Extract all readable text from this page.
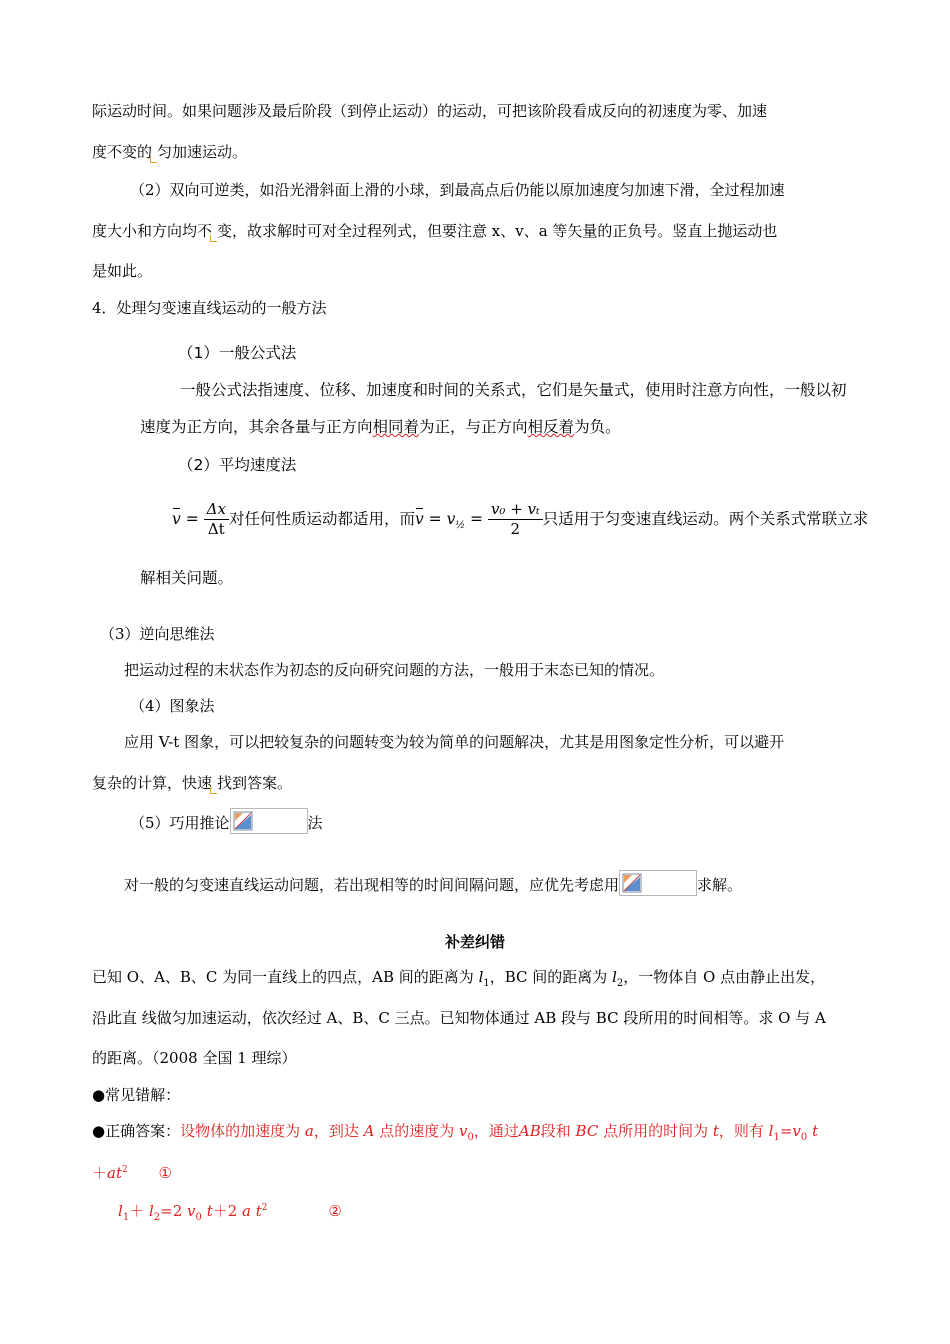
际运动时间。如果问题涉及最后阶段（到停止运动）的运动，可把该阶段看成反向的初速度为零、加速
度不变的 匀加速运动。
（2）双向可逆类，如沿光滑斜面上滑的小球，到最高点后仍能以原加速度匀加速下滑，全过程加速
度大小和方向均不 变，故求解时可对全过程列式，但要注意 x、v、a 等矢量的正负号。竖直上抛运动也
是如此。
4．处理匀变速直线运动的一般方法
（1）一般公式法
一般公式法指速度、位移、加速度和时间的关系式，它们是矢量式，使用时注意方向性，一般以初
速度为正方向，其余各量与正方向相同着为正，与正方向相反着为负。
（2）平均速度法
$v = \frac{\Delta x}{\Delta t}$ 对任何性质运动都适用，而$v = v_{\frac{1}{2}} = \frac{\text{v₀ + vₜ}}{2}$ 只适用于匀变速直线运动。两个关系式常联立求
解相关问题。
（3）逆向思维法
把运动过程的末状态作为初态的反向研究问题的方法，一般用于末态已知的情况。
（4）图象法
应用 V-t 图象，可以把较复杂的问题转变为较为简单的问题解决，尤其是用图象定性分析，可以避开
复杂的计算，快速 找到答案。
（5）巧用推论	法
对一般的匀变速直线运动问题，若出现相等的时间间隔问题，应优先考虑用	求解。
补差纠错
已知 O、A、B、C 为同一直线上的四点，AB 间的距离为 $l_1$，BC 间的距离为 $l_2$，一物体自 O 点由静止出发，
沿此直 线做匀加速运动，依次经过 A、B、C 三点。已知物体通过 AB 段与 BC 段所用的时间相等。求 O 与 A
的距离。（2008 全国 1 理综）
●常见错解：
●正确答案：设物体的加速度为 a，到达 A 点的速度为 $v_0$，通过AB段和 BC 点所用的时间为 t，则有 $l_1=v_0$ t
$+at^2$ ①
$l_1+ l_2=2$ $v_0$ t＋2 a $t^2$	②
